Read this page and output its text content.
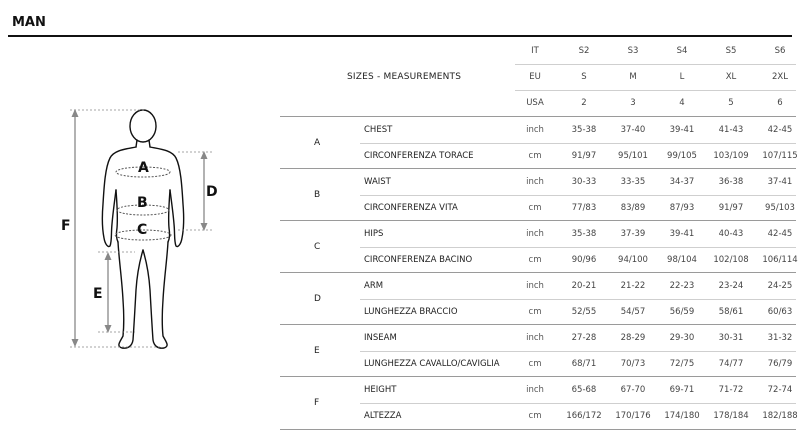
MAN
A
B
C
D
E
F
SIZES - MEASUREMENTS
IT	S2	S3	S4	S5	S6
EU	S	M	L	XL	2XL
USA	2	3	4	5	6
A
CHEST	inch	35-38	37-40	39-41	41-43	42-45
CIRCONFERENZA TORACE	cm	91/97	95/101	99/105	103/109	107/115
B
WAIST	inch	30-33	33-35	34-37	36-38	37-41
CIRCONFERENZA VITA	cm	77/83	83/89	87/93	91/97	95/103
C
HIPS	inch	35-38	37-39	39-41	40-43	42-45
CIRCONFERENZA BACINO	cm	90/96	94/100	98/104	102/108	106/114
D
ARM	inch	20-21	21-22	22-23	23-24	24-25
LUNGHEZZA BRACCIO	cm	52/55	54/57	56/59	58/61	60/63
E
INSEAM	inch	27-28	28-29	29-30	30-31	31-32
LUNGHEZZA CAVALLO/CAVIGLIA	cm	68/71	70/73	72/75	74/77	76/79
F
HEIGHT	inch	65-68	67-70	69-71	71-72	72-74
ALTEZZA	cm	166/172	170/176	174/180	178/184	182/188
